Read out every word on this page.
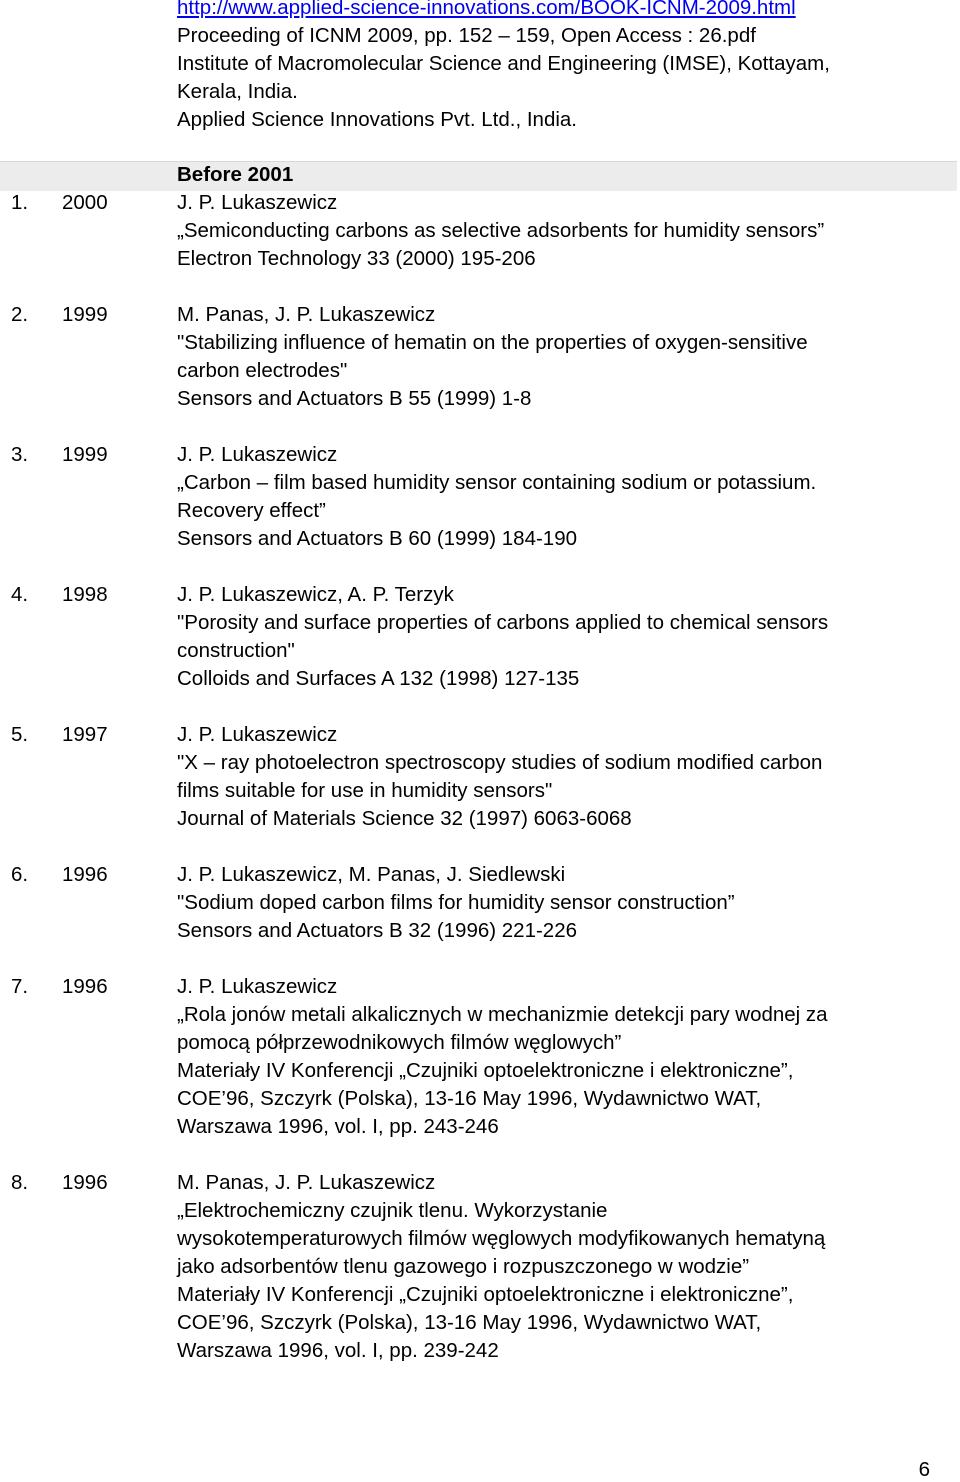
http://www.applied-science-innovations.com/BOOK-ICNM-2009.html
Proceeding of ICNM 2009, pp. 152 – 159, Open Access : 26.pdf
Institute of Macromolecular Science and Engineering (IMSE), Kottayam,
Kerala, India.
Applied Science Innovations Pvt. Ltd., India.
Before 2001
1. 2000	J. P. Lukaszewicz
„Semiconducting carbons as selective adsorbents for humidity sensors”
Electron Technology 33 (2000) 195-206
2. 1999	M. Panas, J. P. Lukaszewicz
"Stabilizing influence of hematin on the properties of oxygen-sensitive
carbon electrodes"
Sensors and Actuators B 55 (1999) 1-8
3. 1999	J. P. Lukaszewicz
„Carbon – film based humidity sensor containing sodium or potassium.
Recovery effect”
Sensors and Actuators B 60 (1999) 184-190
4. 1998	J. P. Lukaszewicz, A. P. Terzyk
"Porosity and surface properties of carbons applied to chemical sensors
construction"
Colloids and Surfaces A 132 (1998) 127-135
5. 1997	J. P. Lukaszewicz
"X – ray photoelectron spectroscopy studies of sodium modified carbon
films suitable for use in humidity sensors"
Journal of Materials Science 32 (1997) 6063-6068
6. 1996	J. P. Lukaszewicz, M. Panas, J. Siedlewski
"Sodium doped carbon films for humidity sensor construction”
Sensors and Actuators B 32 (1996) 221-226
7. 1996	J. P. Lukaszewicz
„Rola jonów metali alkalicznych w mechanizmie detekcji pary wodnej za
pomocą półprzewodnikowych filmów węglowych”
Materiały IV Konferencji „Czujniki optoelektroniczne i elektroniczne”,
COE’96, Szczyrk (Polska), 13-16 May 1996, Wydawnictwo WAT,
Warszawa 1996, vol. I, pp. 243-246
8. 1996	M. Panas, J. P. Lukaszewicz
„Elektrochemiczny czujnik tlenu. Wykorzystanie
wysokotemperaturowych filmów węglowych modyfikowanych hematyną
jako adsorbentów tlenu gazowego i rozpuszczonego w wodzie”
Materiały IV Konferencji „Czujniki optoelektroniczne i elektroniczne”,
COE’96, Szczyrk (Polska), 13-16 May 1996, Wydawnictwo WAT,
Warszawa 1996, vol. I, pp. 239-242
6
